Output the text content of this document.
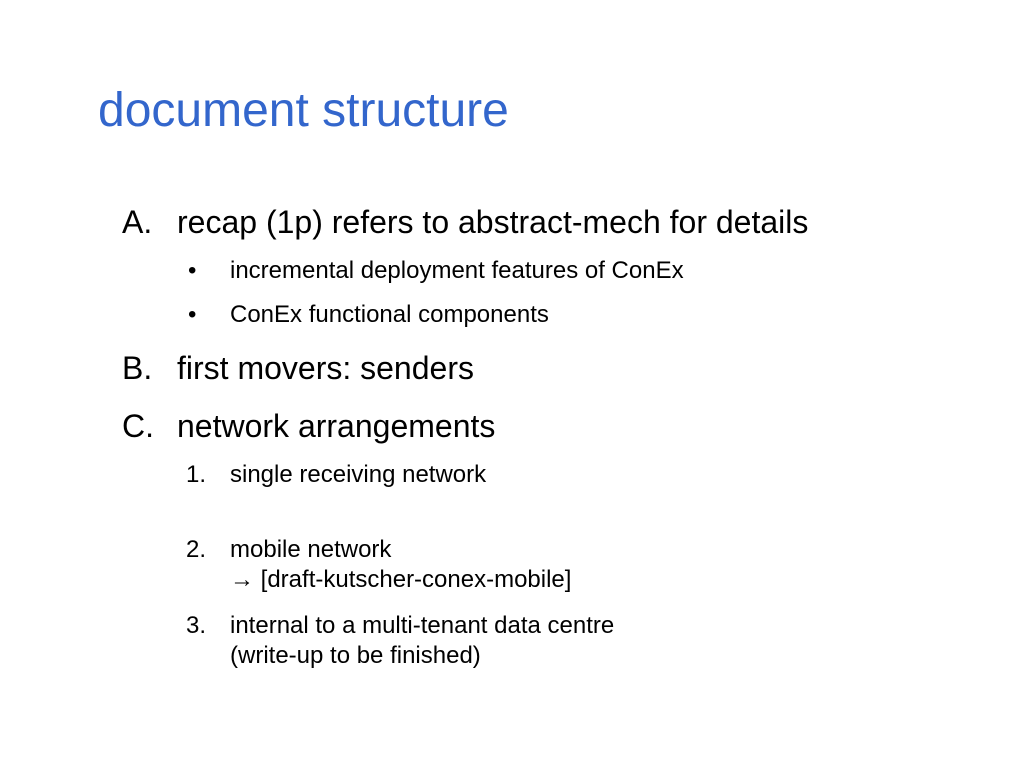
document structure
A. recap (1p) refers to abstract-mech for details
• incremental deployment features of ConEx
• ConEx functional components
B. first movers: senders
C. network arrangements
1. single receiving network
2. mobile network
→ [draft-kutscher-conex-mobile]
3. internal to a multi-tenant data centre
(write-up to be finished)
